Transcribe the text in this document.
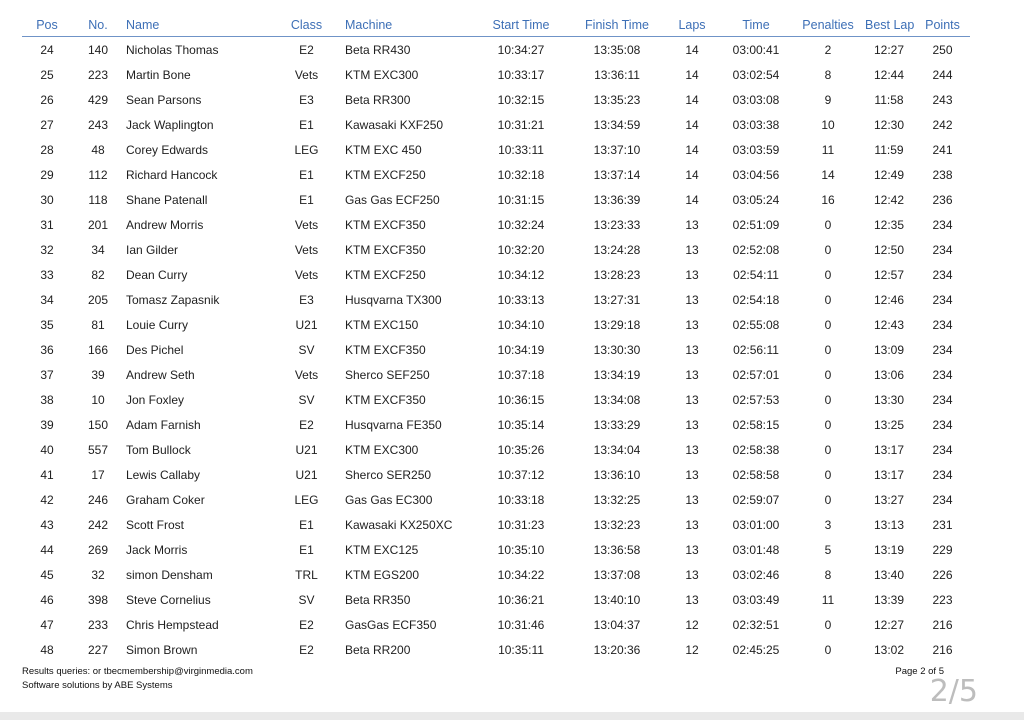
Pos	No.	Name	Class	Machine	Start Time	Finish Time	Laps	Time	Penalties	Best Lap	Points
24	140	Nicholas Thomas	E2	Beta RR430	10:34:27	13:35:08	14	03:00:41	2	12:27	250
25	223	Martin Bone	Vets	KTM EXC300	10:33:17	13:36:11	14	03:02:54	8	12:44	244
26	429	Sean Parsons	E3	Beta RR300	10:32:15	13:35:23	14	03:03:08	9	11:58	243
27	243	Jack Waplington	E1	Kawasaki KXF250	10:31:21	13:34:59	14	03:03:38	10	12:30	242
28	48	Corey Edwards	LEG	KTM EXC 450	10:33:11	13:37:10	14	03:03:59	11	11:59	241
29	112	Richard Hancock	E1	KTM EXCF250	10:32:18	13:37:14	14	03:04:56	14	12:49	238
30	118	Shane Patenall	E1	Gas Gas ECF250	10:31:15	13:36:39	14	03:05:24	16	12:42	236
31	201	Andrew Morris	Vets	KTM EXCF350	10:32:24	13:23:33	13	02:51:09	0	12:35	234
32	34	Ian Gilder	Vets	KTM EXCF350	10:32:20	13:24:28	13	02:52:08	0	12:50	234
33	82	Dean Curry	Vets	KTM EXCF250	10:34:12	13:28:23	13	02:54:11	0	12:57	234
34	205	Tomasz Zapasnik	E3	Husqvarna TX300	10:33:13	13:27:31	13	02:54:18	0	12:46	234
35	81	Louie Curry	U21	KTM EXC150	10:34:10	13:29:18	13	02:55:08	0	12:43	234
36	166	Des Pichel	SV	KTM EXCF350	10:34:19	13:30:30	13	02:56:11	0	13:09	234
37	39	Andrew Seth	Vets	Sherco SEF250	10:37:18	13:34:19	13	02:57:01	0	13:06	234
38	10	Jon Foxley	SV	KTM EXCF350	10:36:15	13:34:08	13	02:57:53	0	13:30	234
39	150	Adam Farnish	E2	Husqvarna FE350	10:35:14	13:33:29	13	02:58:15	0	13:25	234
40	557	Tom Bullock	U21	KTM EXC300	10:35:26	13:34:04	13	02:58:38	0	13:17	234
41	17	Lewis Callaby	U21	Sherco SER250	10:37:12	13:36:10	13	02:58:58	0	13:17	234
42	246	Graham Coker	LEG	Gas Gas EC300	10:33:18	13:32:25	13	02:59:07	0	13:27	234
43	242	Scott Frost	E1	Kawasaki KX250XC	10:31:23	13:32:23	13	03:01:00	3	13:13	231
44	269	Jack Morris	E1	KTM EXC125	10:35:10	13:36:58	13	03:01:48	5	13:19	229
45	32	simon Densham	TRL	KTM EGS200	10:34:22	13:37:08	13	03:02:46	8	13:40	226
46	398	Steve Cornelius	SV	Beta RR350	10:36:21	13:40:10	13	03:03:49	11	13:39	223
47	233	Chris Hempstead	E2	GasGas ECF350	10:31:46	13:04:37	12	02:32:51	0	12:27	216
48	227	Simon Brown	E2	Beta RR200	10:35:11	13:20:36	12	02:45:25	0	13:02	216
Results queries: or tbecmembership@virginmedia.com
Software solutions by ABE Systems
Page 2 of 5
2/5
